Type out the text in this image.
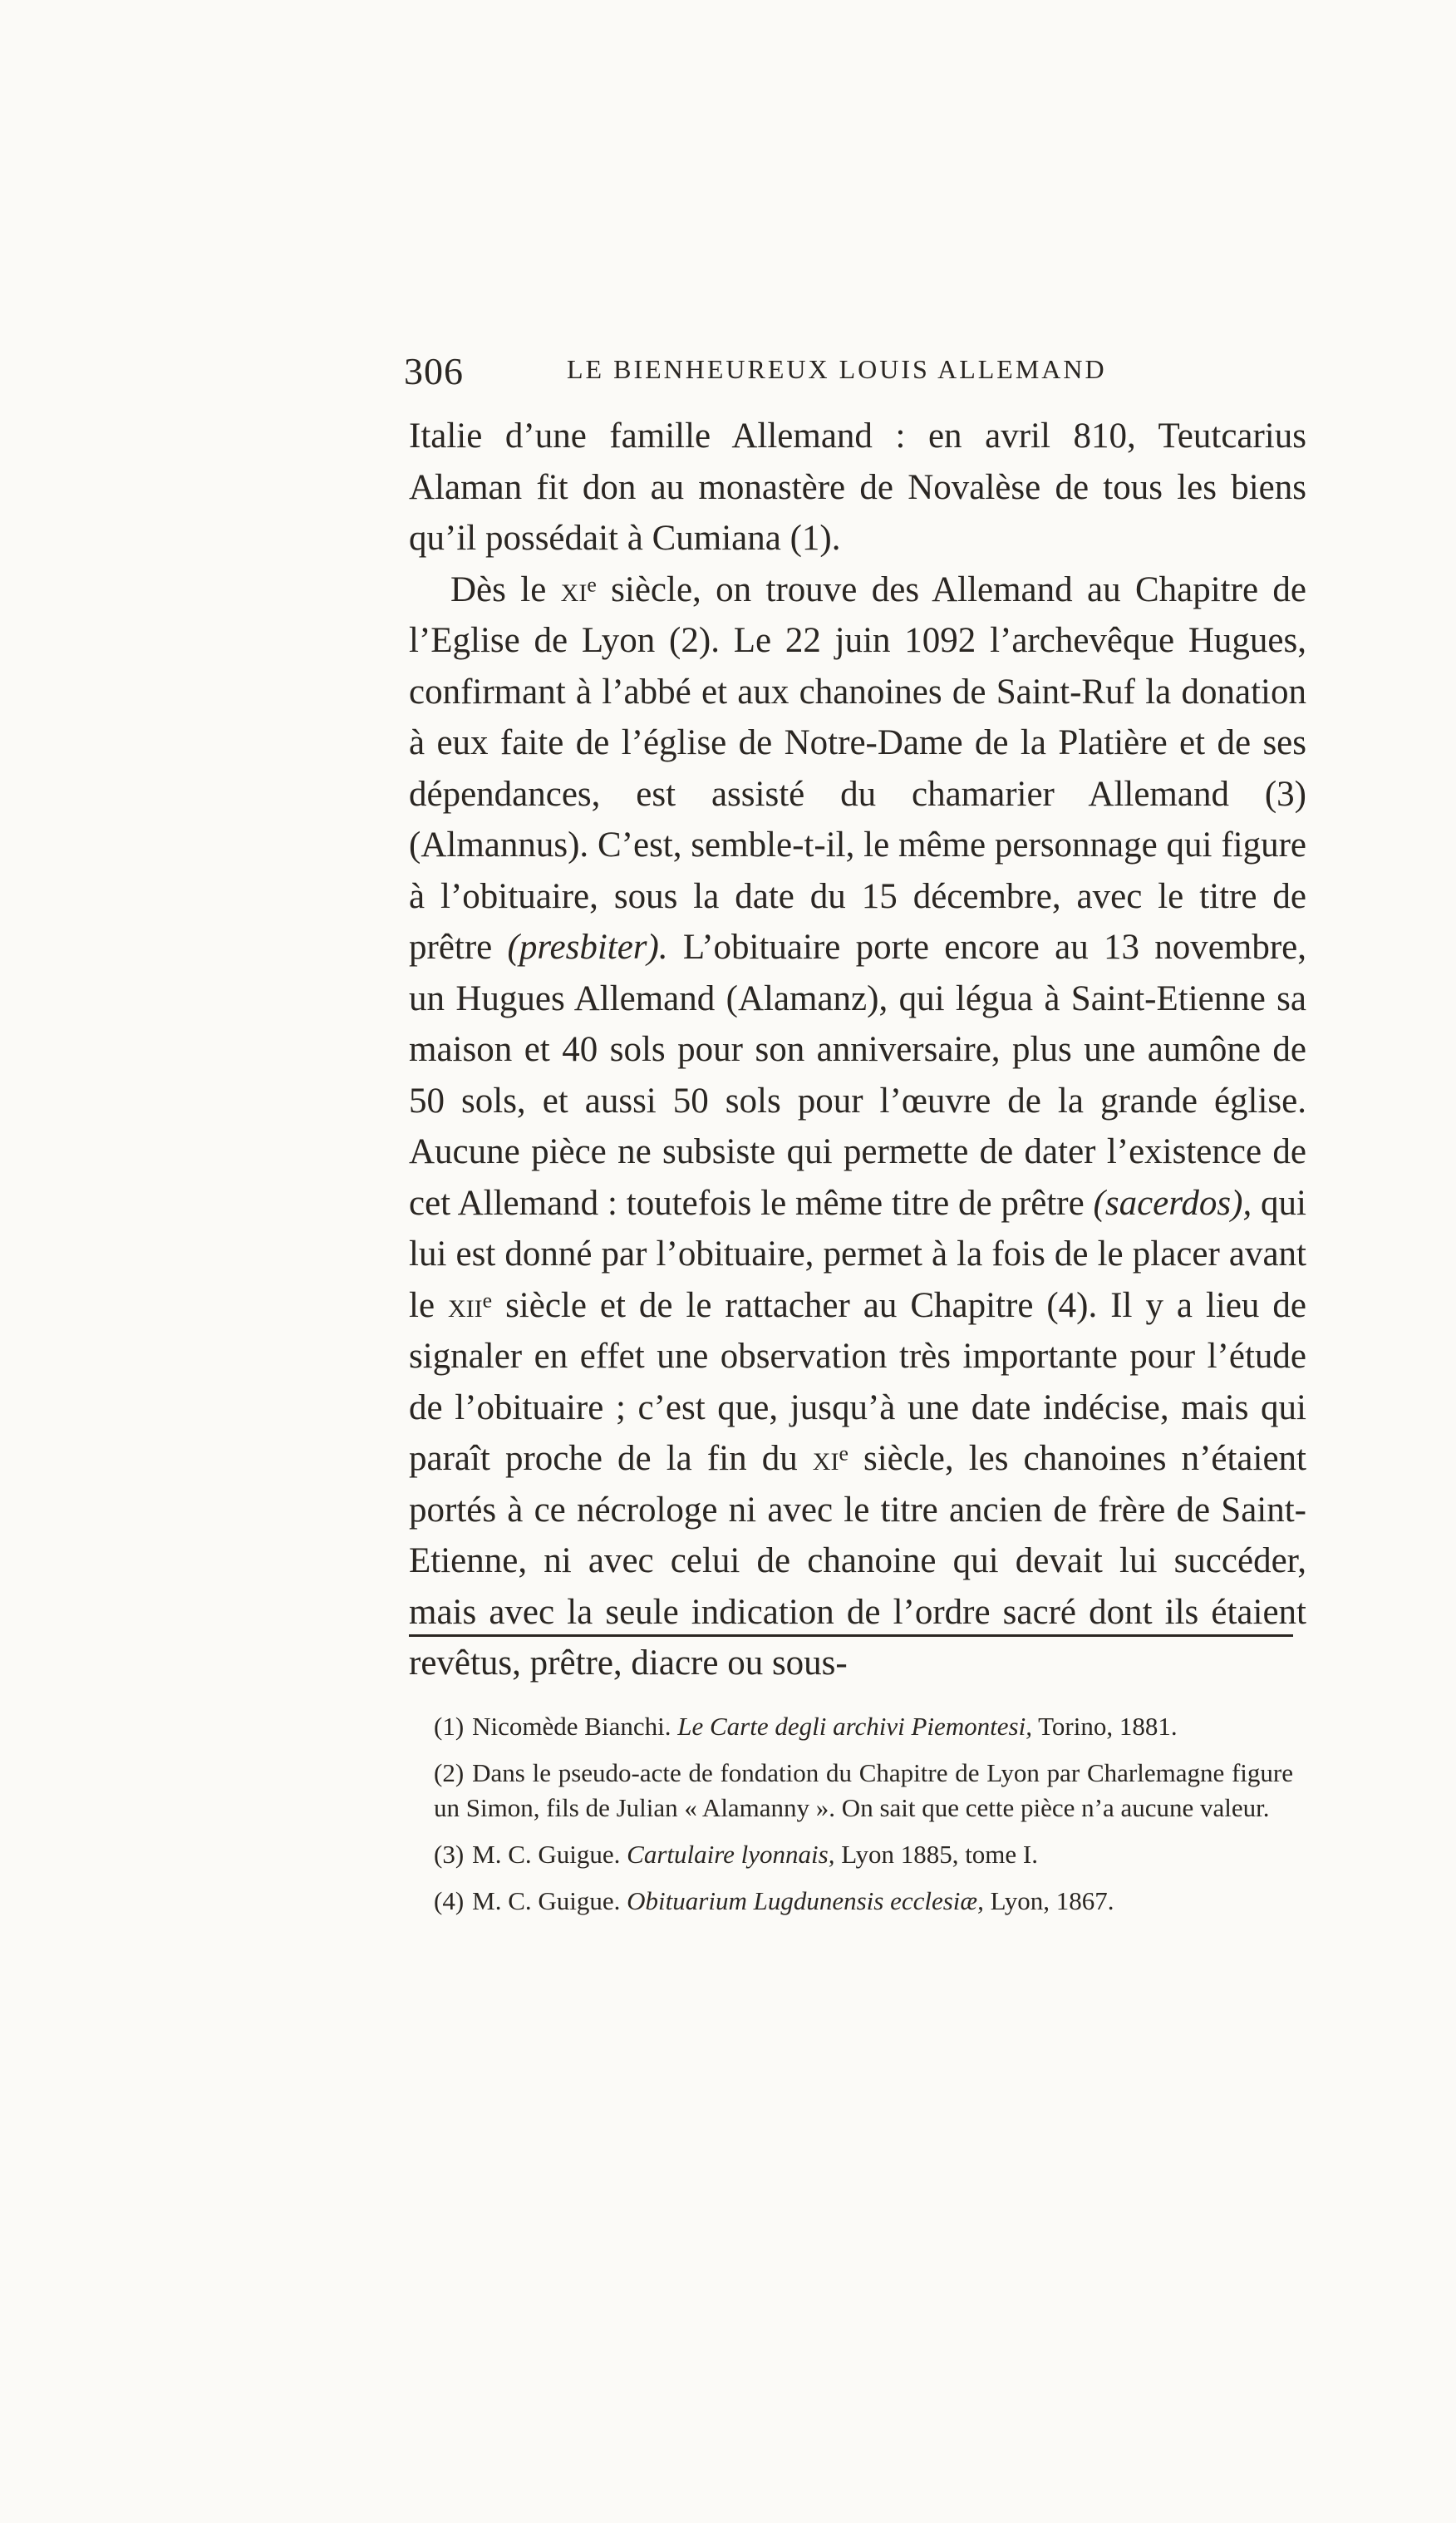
306	LE BIENHEUREUX LOUIS ALLEMAND

Italie d’une famille Allemand : en avril 810, Teutcarius Alaman fit don au monastère de Novalèse de tous les biens qu’il possédait à Cumiana (1).

Dès le $xi^e$ siècle, on trouve des Allemand au Chapitre de l’Eglise de Lyon (2). Le 22 juin 1092 l’archevêque Hugues, confirmant à l’abbé et aux chanoines de Saint-Ruf la donation à eux faite de l’église de Notre-Dame de la Platière et de ses dépendances, est assisté du chamarier Allemand (3) (Almannus). C’est, semble-t-il, le même personnage qui figure à l’obituaire, sous la date du 15 décembre, avec le titre de prêtre (presbiter). L’obituaire porte encore au 13 novembre, un Hugues Allemand (Alamanz), qui légua à Saint-Etienne sa maison et 40 sols pour son anniversaire, plus une aumône de 50 sols, et aussi 50 sols pour l’œuvre de la grande église. Aucune pièce ne subsiste qui permette de dater l’existence de cet Allemand : toutefois le même titre de prêtre (sacerdos), qui lui est donné par l’obituaire, permet à la fois de le placer avant le xii$^e$ siècle et de le rattacher au Chapitre (4). Il y a lieu de signaler en effet une observation très importante pour l’étude de l’obituaire ; c’est que, jusqu’à une date indécise, mais qui paraît proche de la fin du $xi^e$ siècle, les chanoines n’étaient portés à ce nécrologe ni avec le titre ancien de frère de Saint-Etienne, ni avec celui de chanoine qui devait lui succéder, mais avec la seule indication de l’ordre sacré dont ils étaient revêtus, prêtre, diacre ou sous-

(1) Nicomède Bianchi. Le Carte degli archivi Piemontesi, Torino, 1881.

(2) Dans le pseudo-acte de fondation du Chapitre de Lyon par Charlemagne figure un Simon, fils de Julian « Alamanny ». On sait que cette pièce n’a aucune valeur.

(3) M. C. Guigue. Cartulaire lyonnais, Lyon 1885, tome I.

(4) M. C. Guigue. Obituarium Lugdunensis ecclesiæ, Lyon, 1867.
